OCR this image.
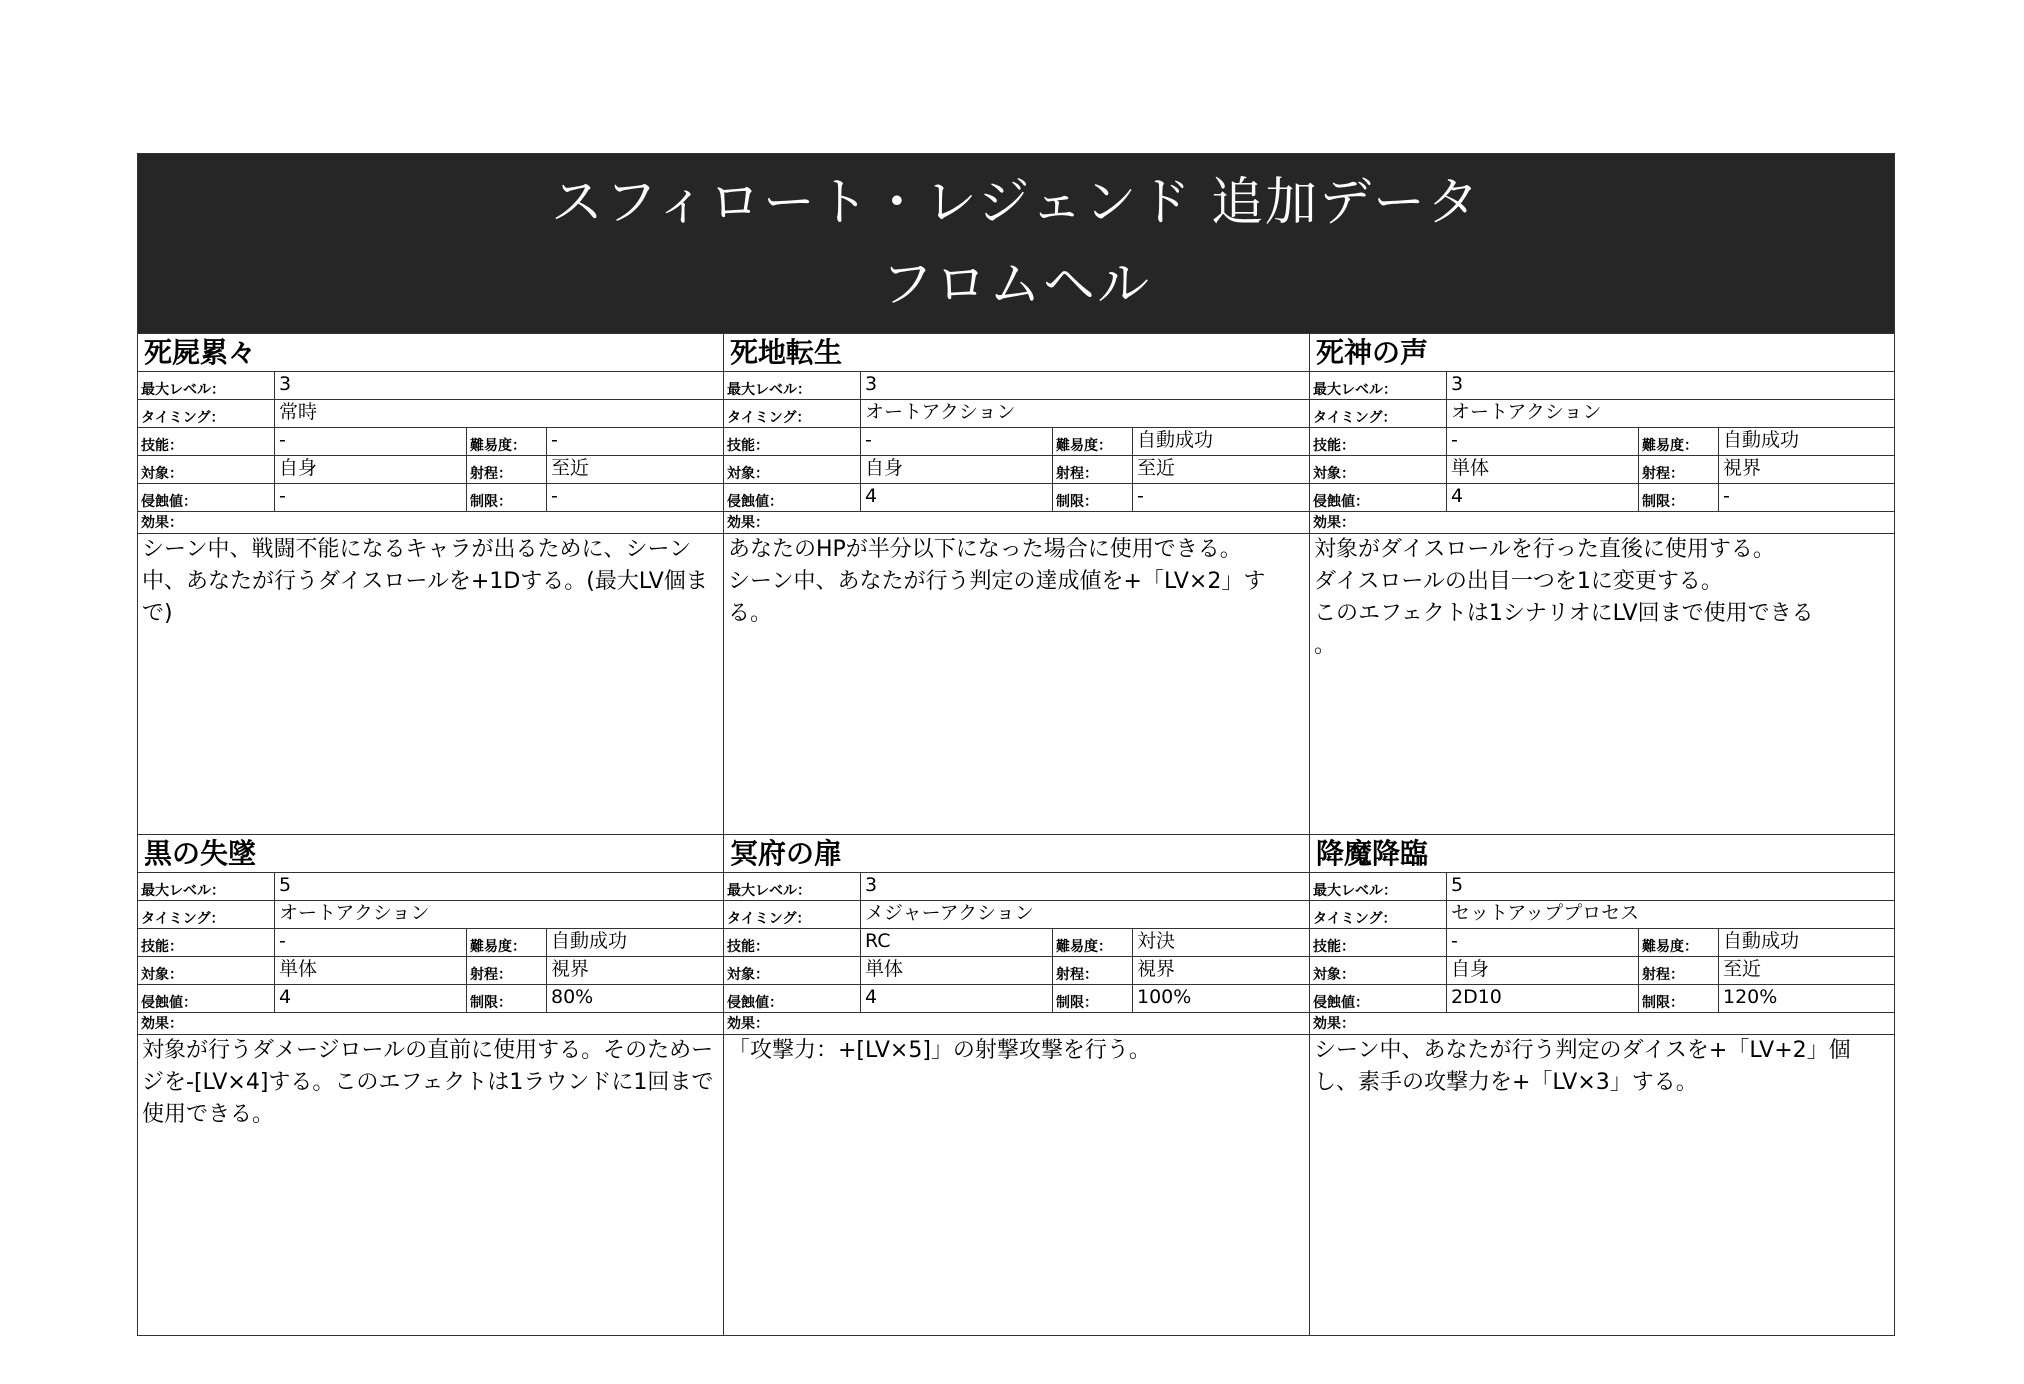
スフィロート・レジェンド 追加データ
フロムヘル
死屍累々
最大レベル：	3
タイミング：	常時
技能：	-	難易度：	-
対象：	自身	射程：	至近
侵蝕値：	-	制限：	-
効果：
シーン中、戦闘不能になるキャラが出るために、シーン中、あなたが行うダイスロールを+1Dする。(最大LV個まで)
死地転生
最大レベル：	3
タイミング：	オートアクション
技能：	-	難易度：	自動成功
対象：	自身	射程：	至近
侵蝕値：	4	制限：	-
効果：
あなたのHPが半分以下になった場合に使用できる。
シーン中、あなたが行う判定の達成値を+「LV×2」する。
死神の声
最大レベル：	3
タイミング：	オートアクション
技能：	-	難易度：	自動成功
対象：	単体	射程：	視界
侵蝕値：	4	制限：	-
効果：
対象がダイスロールを行った直後に使用する。
ダイスロールの出目一つを1に変更する。
このエフェクトは1シナリオにLV回まで使用できる
。
黒の失墜
最大レベル：	5
タイミング：	オートアクション
技能：	-	難易度：	自動成功
対象：	単体	射程：	視界
侵蝕値：	4	制限：	80%
効果：
対象が行うダメージロールの直前に使用する。そのためージを-[LV×4]する。このエフェクトは1ラウンドに1回まで使用できる。
冥府の扉
最大レベル：	3
タイミング：	メジャーアクション
技能：	RC	難易度：	対決
対象：	単体	射程：	視界
侵蝕値：	4	制限：	100%
効果：
「攻撃力：+[LV×5]」の射撃攻撃を行う。
降魔降臨
最大レベル：	5
タイミング：	セットアッププロセス
技能：	-	難易度：	自動成功
対象：	自身	射程：	至近
侵蝕値：	2D10	制限：	120%
効果：
シーン中、あなたが行う判定のダイスを+「LV+2」個し、素手の攻撃力を+「LV×3」する。
